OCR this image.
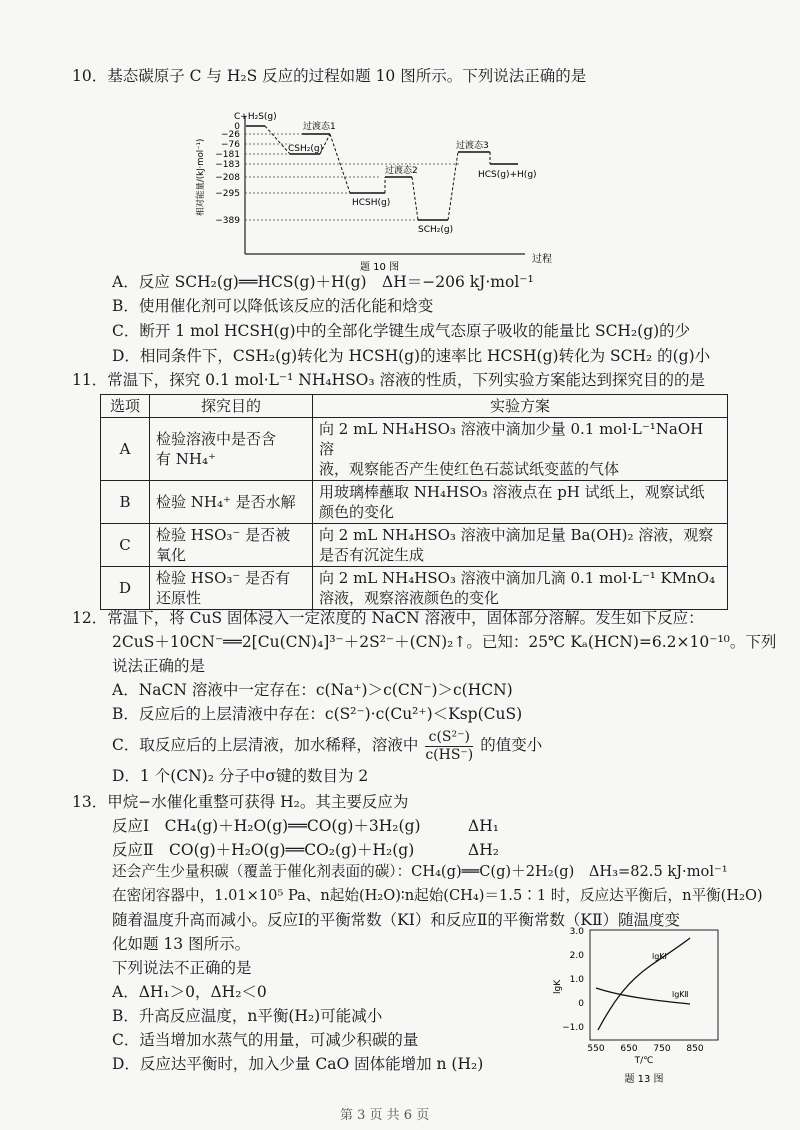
10．基态碳原子 C 与 H₂S 反应的过程如题 10 图所示。下列说法正确的是
相对能量/(kJ·mol⁻¹)
0
−26
−76
−181
−183
−208
−295
−389
C+H₂S(g)
过渡态1
CSH₂(g)
过渡态2
HCSH(g)
SCH₂(g)
过渡态3
HCS(g)+H(g)
题 10 图
过程
A．反应 SCH₂(g)══HCS(g)＋H(g)　ΔH＝−206 kJ·mol⁻¹
B．使用催化剂可以降低该反应的活化能和焓变
C．断开 1 mol HCSH(g)中的全部化学键生成气态原子吸收的能量比 SCH₂(g)的少
D．相同条件下，CSH₂(g)转化为 HCSH(g)的速率比 HCSH(g)转化为 SCH₂ 的(g)小
11．常温下，探究 0.1 mol·L⁻¹ NH₄HSO₃ 溶液的性质，下列实验方案能达到探究目的的是
选项	探究目的	实验方案
A	检验溶液中是否含
有 NH₄⁺	向 2 mL NH₄HSO₃ 溶液中滴加少量 0.1 mol·L⁻¹NaOH 溶
液，观察能否产生使红色石蕊试纸变蓝的气体
B	检验 NH₄⁺ 是否水解	用玻璃棒蘸取 NH₄HSO₃ 溶液点在 pH 试纸上，观察试纸
颜色的变化
C	检验 HSO₃⁻ 是否被
氧化	向 2 mL NH₄HSO₃ 溶液中滴加足量 Ba(OH)₂ 溶液，观察
是否有沉淀生成
D	检验 HSO₃⁻ 是否有
还原性	向 2 mL NH₄HSO₃ 溶液中滴加几滴 0.1 mol·L⁻¹ KMnO₄
溶液，观察溶液颜色的变化
12．常温下，将 CuS 固体浸入一定浓度的 NaCN 溶液中，固体部分溶解。发生如下反应：
2CuS＋10CN⁻══2[Cu(CN)₄]³⁻＋2S²⁻＋(CN)₂↑。已知：25℃ Kₐ(HCN)=6.2×10⁻¹⁰。下列
说法正确的是
A．NaCN 溶液中一定存在：c(Na⁺)＞c(CN⁻)＞c(HCN)
B．反应后的上层清液中存在：c(S²⁻)·c(Cu²⁺)＜Ksp(CuS)
C．取反应后的上层清液，加水稀释，溶液中 $\frac{\text{c(S²⁻)}}{c(HS^-)}$ 的值变小
D．1 个(CN)₂ 分子中σ键的数目为 2
13．甲烷−水催化重整可获得 H₂。其主要反应为
反应Ⅰ　CH₄(g)＋H₂O(g)══CO(g)＋3H₂(g)	ΔH₁
反应Ⅱ　CO(g)＋H₂O(g)══CO₂(g)＋H₂(g)	ΔH₂
还会产生少量积碳（覆盖于催化剂表面的碳）：CH₄(g)══C(g)＋2H₂(g)　ΔH₃=82.5 kJ·mol⁻¹
在密闭容器中，1.01×10⁵ Pa、n起始(H₂O)∶n起始(CH₄)＝1.5∶1 时，反应达平衡后，n平衡(H₂O)
随着温度升高而减小。反应Ⅰ的平衡常数（KⅠ）和反应Ⅱ的平衡常数（KⅡ）随温度变
化如题 13 图所示。
下列说法不正确的是
A．ΔH₁＞0，ΔH₂＜0
B．升高反应温度，n平衡(H₂)可能减小
C．适当增加水蒸气的用量，可减少积碳的量
D．反应达平衡时，加入少量 CaO 固体能增加 n (H₂)
lgK
3.0
2.0
1.0
0
−1.0
550 650 750 850
T/℃
lgKⅠ
lgKⅡ
题 13 图
第 3 页 共 6 页
